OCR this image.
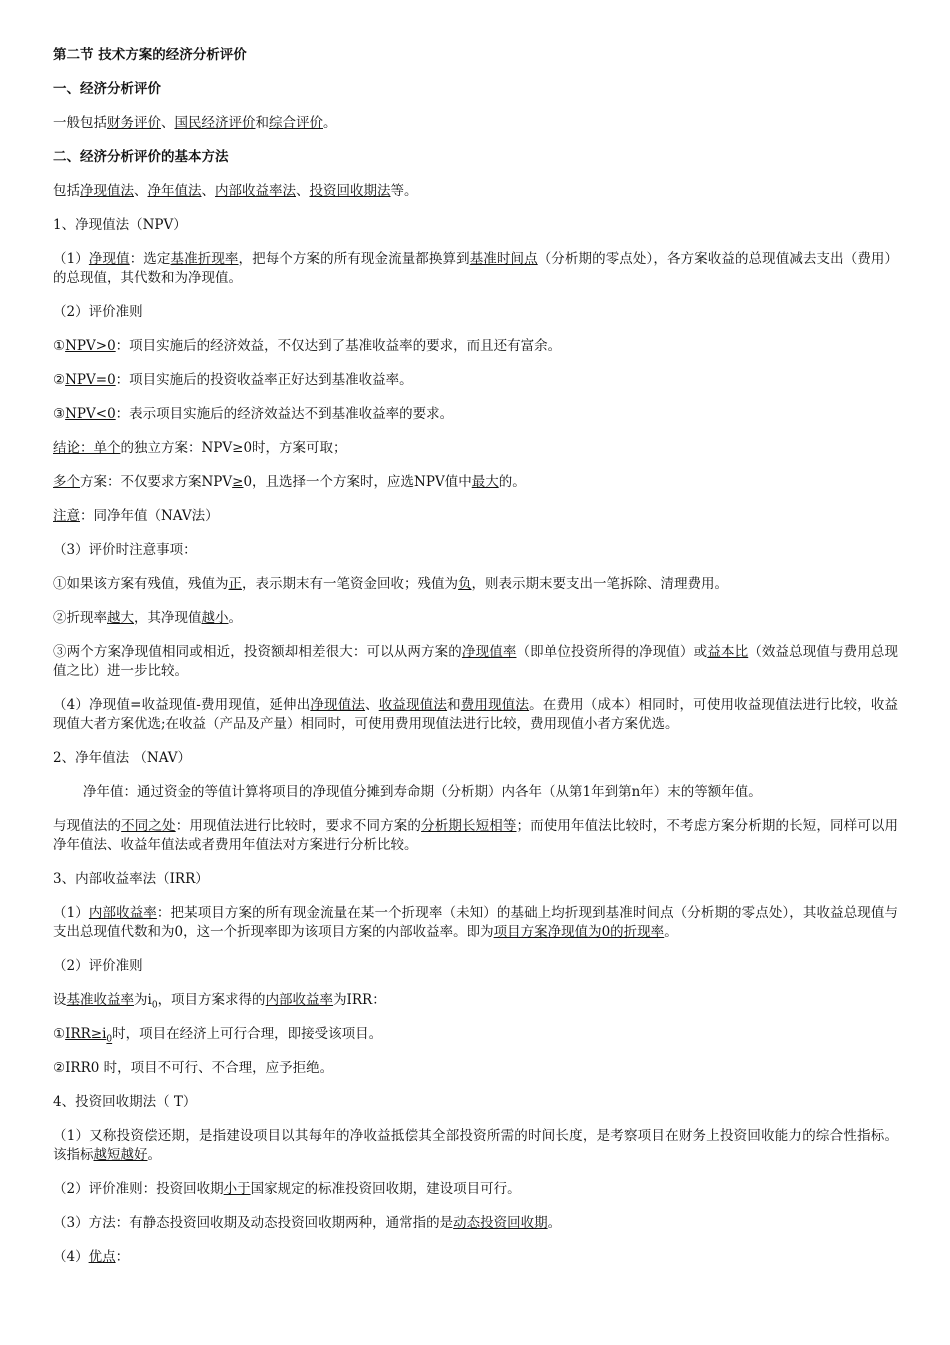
第二节 技术方案的经济分析评价

一、经济分析评价

一般包括财务评价、国民经济评价和综合评价。

二、经济分析评价的基本方法

包括净现值法、净年值法、内部收益率法、投资回收期法等。

1、净现值法（NPV）

（1）净现值：选定基准折现率，把每个方案的所有现金流量都换算到基准时间点（分析期的零点处），各方案收益的总现值减去支出（费用）的总现值，其代数和为净现值。

（2）评价准则

①NPV>0：项目实施后的经济效益，不仅达到了基准收益率的要求，而且还有富余。

②NPV=0：项目实施后的投资收益率正好达到基准收益率。

③NPV<0：表示项目实施后的经济效益达不到基准收益率的要求。

结论：单个的独立方案：NPV≥0时，方案可取；

多个方案：不仅要求方案NPV≥0，且选择一个方案时，应选NPV值中最大的。

注意：同净年值（NAV法）

（3）评价时注意事项：

①如果该方案有残值，残值为正，表示期末有一笔资金回收；残值为负，则表示期末要支出一笔拆除、清理费用。

②折现率越大，其净现值越小。

③两个方案净现值相同或相近，投资额却相差很大：可以从两方案的净现值率（即单位投资所得的净现值）或益本比（效益总现值与费用总现值之比）进一步比较。

（4）净现值=收益现值-费用现值，延伸出净现值法、收益现值法和费用现值法。在费用（成本）相同时，可使用收益现值法进行比较，收益现值大者方案优选;在收益（产品及产量）相同时，可使用费用现值法进行比较，费用现值小者方案优选。

2、净年值法 （NAV）

净年值：通过资金的等值计算将项目的净现值分摊到寿命期（分析期）内各年（从第1年到第n年）末的等额年值。

与现值法的不同之处：用现值法进行比较时，要求不同方案的分析期长短相等；而使用年值法比较时，不考虑方案分析期的长短，同样可以用净年值法、收益年值法或者费用年值法对方案进行分析比较。

3、内部收益率法（IRR）

（1）内部收益率：把某项目方案的所有现金流量在某一个折现率（未知）的基础上均折现到基准时间点（分析期的零点处），其收益总现值与支出总现值代数和为0，这一个折现率即为该项目方案的内部收益率。即为项目方案净现值为0的折现率。

（2）评价准则

设基准收益率为$i_0$，项目方案求得的内部收益率为IRR：

$①IRR\ge i_0$时，项目在经济上可行合理，即接受该项目。

②IRR0 时，项目不可行、不合理，应予拒绝。

4、投资回收期法（ T）

（1）又称投资偿还期，是指建设项目以其每年的净收益抵偿其全部投资所需的时间长度，是考察项目在财务上投资回收能力的综合性指标。该指标越短越好。

（2）评价准则：投资回收期小于国家规定的标准投资回收期，建设项目可行。

（3）方法：有静态投资回收期及动态投资回收期两种，通常指的是动态投资回收期。

（4）优点：
